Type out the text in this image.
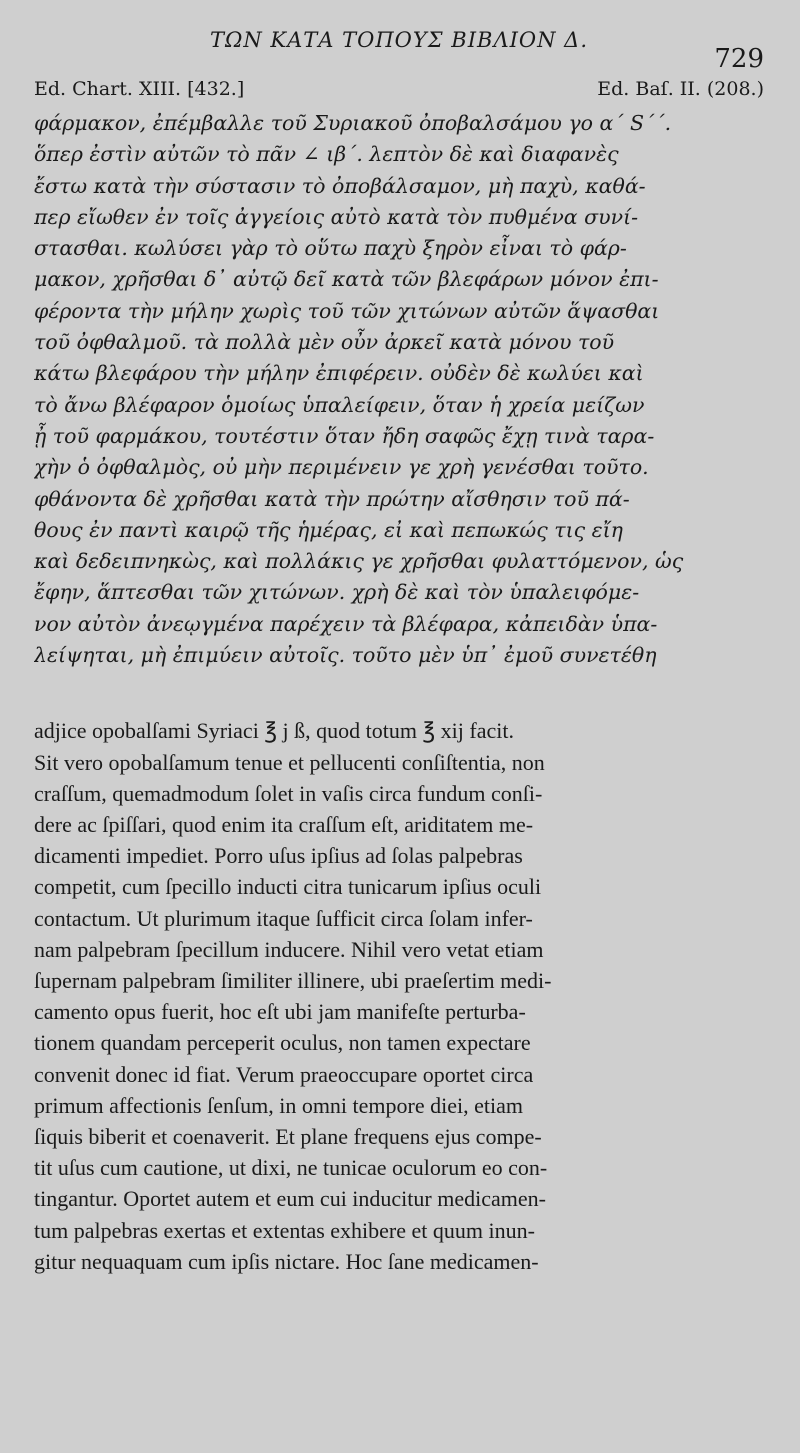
ΤΩΝ ΚΑΤΑ ΤΟΠΟΥΣ ΒΙΒΛΙΟΝ Δ.
729
Ed. Chart. XIII. [432.]	Ed. Baſ. II. (208.)
φάρμακον, ἐπέμβαλλε τοῦ Συριακοῦ ὀποβαλσάμου γο α΄ S΄΄.
ὅπερ ἐστὶν αὐτῶν τὸ πᾶν ∠ ιβ΄. λεπτὸν δὲ καὶ διαφανὲς
ἔστω κατὰ τὴν σύστασιν τὸ ὀποβάλσαμον, μὴ παχὺ, καθά-
περ εἴωθεν ἐν τοῖς ἀγγείοις αὐτὸ κατὰ τὸν πυθμένα συνί-
στασθαι. κωλύσει γὰρ τὸ οὕτω παχὺ ξηρὸν εἶναι τὸ φάρ-
μακον, χρῆσθαι δ᾽ αὐτῷ δεῖ κατὰ τῶν βλεφάρων μόνον ἐπι-
φέροντα τὴν μήλην χωρὶς τοῦ τῶν χιτώνων αὐτῶν ἅψασθαι
τοῦ ὀφθαλμοῦ. τὰ πολλὰ μὲν οὖν ἀρκεῖ κατὰ μόνου τοῦ
κάτω βλεφάρου τὴν μήλην ἐπιφέρειν. οὐδὲν δὲ κωλύει καὶ
τὸ ἄνω βλέφαρον ὁμοίως ὑπαλείφειν, ὅταν ἡ χρεία μείζων
ᾖ τοῦ φαρμάκου, τουτέστιν ὅταν ἤδη σαφῶς ἔχῃ τινὰ ταρα-
χὴν ὁ ὀφθαλμὸς, οὐ μὴν περιμένειν γε χρὴ γενέσθαι τοῦτο.
φθάνοντα δὲ χρῆσθαι κατὰ τὴν πρώτην αἴσθησιν τοῦ πά-
θους ἐν παντὶ καιρῷ τῆς ἡμέρας, εἰ καὶ πεπωκώς τις εἴη
καὶ δεδειπνηκὼς, καὶ πολλάκις γε χρῆσθαι φυλαττόμενον, ὡς
ἔφην, ἅπτεσθαι τῶν χιτώνων. χρὴ δὲ καὶ τὸν ὑπαλειφόμε-
νον αὐτὸν ἀνεῳγμένα παρέχειν τὰ βλέφαρα, κἀπειδὰν ὑπα-
λείψηται, μὴ ἐπιμύειν αὐτοῖς. τοῦτο μὲν ὑπ᾽ ἐμοῦ συνετέθη
adjice opobalſami Syriaci ℥ j ß, quod totum ℥ xij facit.
Sit vero opobalſamum tenue et pellucenti conſiſtentia, non
craſſum, quemadmodum ſolet in vaſis circa fundum conſi-
dere ac ſpiſſari, quod enim ita craſſum eſt, ariditatem me-
dicamenti impediet. Porro uſus ipſius ad ſolas palpebras
competit, cum ſpecillo inducti citra tunicarum ipſius oculi
contactum. Ut plurimum itaque ſufficit circa ſolam infer-
nam palpebram ſpecillum inducere. Nihil vero vetat etiam
ſupernam palpebram ſimiliter illinere, ubi praeſertim medi-
camento opus fuerit, hoc eſt ubi jam manifeſte perturba-
tionem quandam perceperit oculus, non tamen expectare
convenit donec id fiat. Verum praeoccupare oportet circa
primum affectionis ſenſum, in omni tempore diei, etiam
ſiquis biberit et coenaverit. Et plane frequens ejus compe-
tit uſus cum cautione, ut dixi, ne tunicae oculorum eo con-
tingantur. Oportet autem et eum cui inducitur medicamen-
tum palpebras exertas et extentas exhibere et quum inun-
gitur nequaquam cum ipſis nictare. Hoc ſane medicamen-
